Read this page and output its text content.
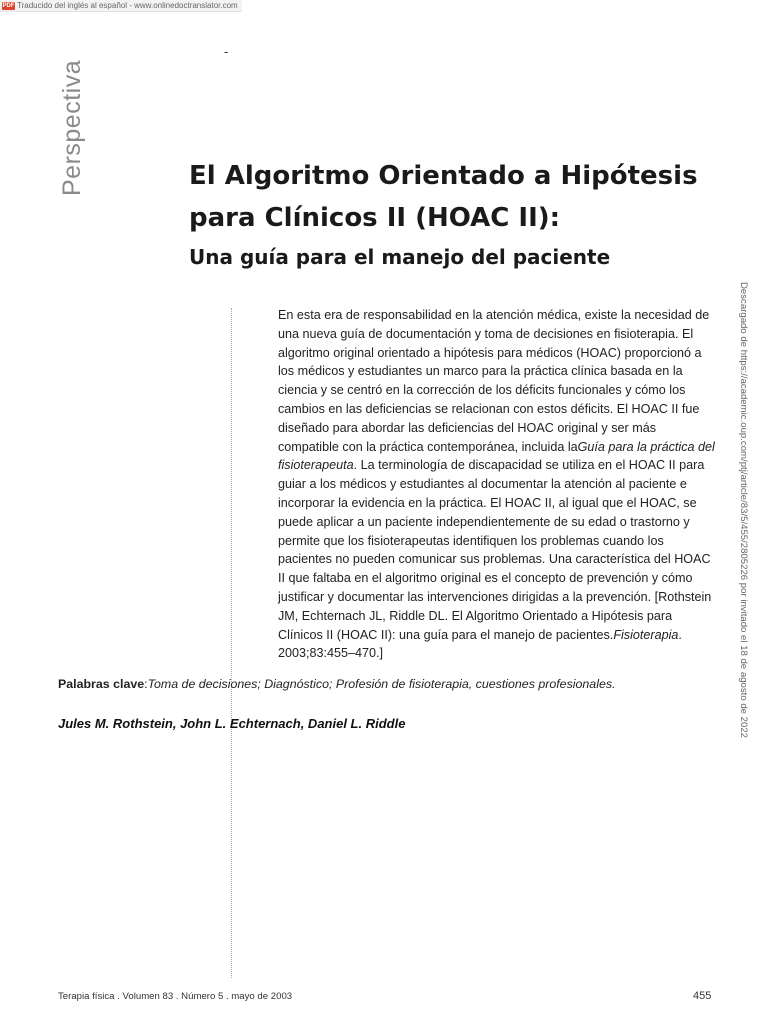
PDF Traducido del inglés al español - www.onlinedoctranslator.com
Perspectiva
-
El Algoritmo Orientado a Hipótesis
para Clínicos II (HOAC II):
Una guía para el manejo del paciente

En esta era de responsabilidad en la atención médica, existe la necesidad de una nueva guía de documentación y toma de decisiones en fisioterapia. El algoritmo original orientado a hipótesis para médicos (HOAC) proporcionó a los médicos y estudiantes un marco para la práctica clínica basada en la ciencia y se centró en la corrección de los déficits funcionales y cómo los cambios en las deficiencias se relacionan con estos déficits. El HOAC II fue diseñado para abordar las deficiencias del HOAC original y ser más compatible con la práctica contemporánea, incluida laGuía para la práctica del fisioterapeuta. La terminología de discapacidad se utiliza en el HOAC II para guiar a los médicos y estudiantes al documentar la atención al paciente e incorporar la evidencia en la práctica. El HOAC II, al igual que el HOAC, se puede aplicar a un paciente independientemente de su edad o trastorno y permite que los fisioterapeutas identifiquen los problemas cuando los pacientes no pueden comunicar sus problemas. Una característica del HOAC II que faltaba en el algoritmo original es el concepto de prevención y cómo justificar y documentar las intervenciones dirigidas a la prevención. [Rothstein JM, Echternach JL, Riddle DL. El Algoritmo Orientado a Hipótesis para Clínicos II (HOAC II): una guía para el manejo de pacientes.Fisioterapia. 2003;83:455–470.]	Descargado de https://academic.oup.com/ptj/article/83/5/455/2805226 por invitado el 18 de agosto de 2022

Palabras clave:Toma de decisiones; Diagnóstico; Profesión de fisioterapia, cuestiones profesionales.

Jules M. Rothstein, John L. Echternach, Daniel L. Riddle

Terapia física . Volumen 83 . Número 5 . mayo de 2003	455
